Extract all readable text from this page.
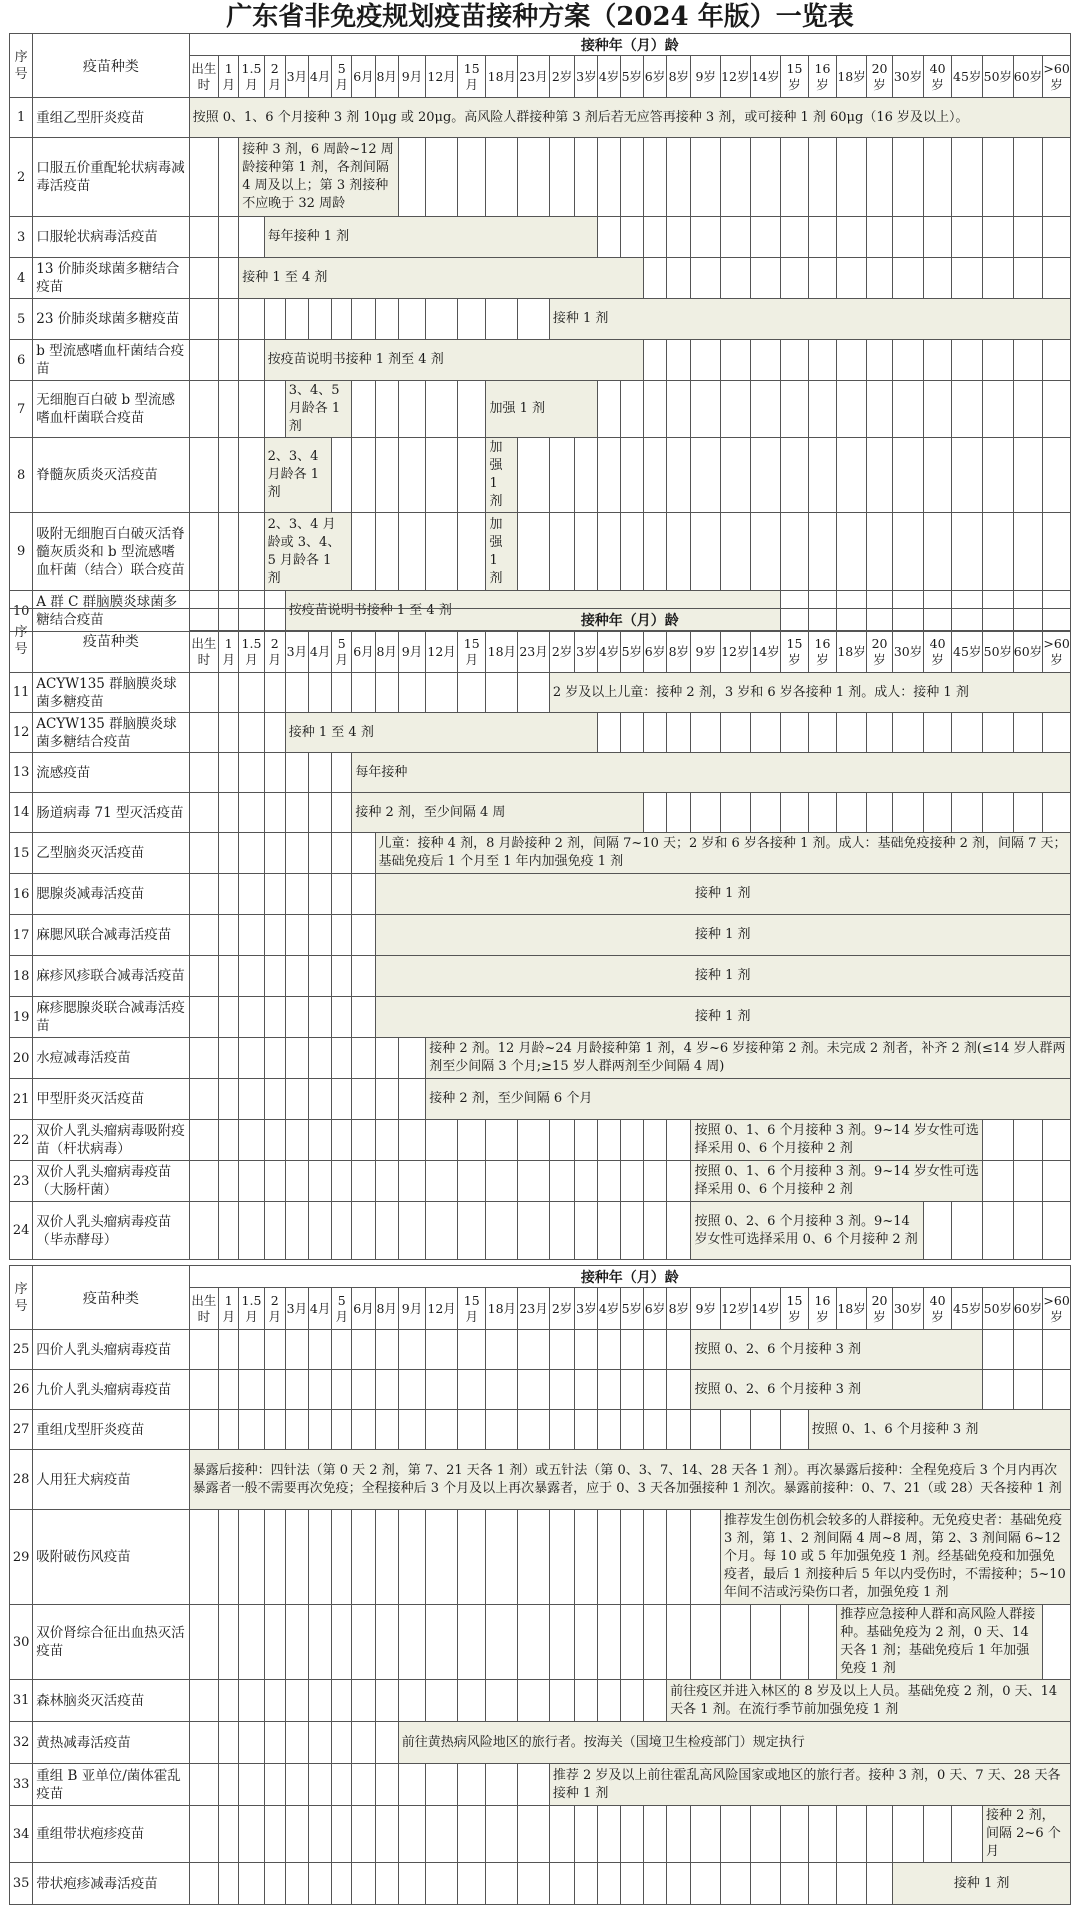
广东省非免疫规划疫苗接种方案（2024 年版）一览表
序号	疫苗种类	接种年（月）龄																																
		出生时	1月	1.5月	2月	3月	4月	5月	6月	8月	9月	12月	15月	18月	23月	2岁	3岁	4岁	5岁	6岁	8岁	9岁	12岁	14岁	15岁	16岁	18岁	20岁	30岁	40岁	45岁	50岁	60岁	>60岁
1	重组乙型肝炎疫苗	按照 0、1、6 个月接种 3 剂 10μg 或 20μg。高风险人群接种第 3 剂后若无应答再接种 3 剂，或可接种 1 剂 60μg（16 岁及以上）。																																
2	口服五价重配轮状病毒减毒活疫苗			接种 3 剂，6 周龄~12 周龄接种第 1 剂，各剂间隔 4 周及以上；第 3 剂接种不应晚于 32 周龄																														
3	口服轮状病毒活疫苗				每年接种 1 剂																													
4	13 价肺炎球菌多糖结合疫苗			接种 1 至 4 剂																														
5	23 价肺炎球菌多糖疫苗															接种 1 剂																		
6	b 型流感嗜血杆菌结合疫苗				按疫苗说明书接种 1 剂至 4 剂																													
7	无细胞百白破 b 型流感嗜血杆菌联合疫苗					3、4、5 月龄各 1 剂								加强 1 剂																				
8	脊髓灰质炎灭活疫苗				2、3、4 月龄各 1 剂									加强 1 剂																				
9	吸附无细胞百白破灭活脊髓灰质炎和 b 型流感嗜血杆菌（结合）联合疫苗				2、3、4 月龄或 3、4、5 月龄各 1 剂									加强 1 剂																				
10	A 群 C 群脑膜炎球菌多糖结合疫苗					按疫苗说明书接种 1 至 4 剂																												
序号	疫苗种类	接种年（月）龄																																
		出生时	1月	1.5月	2月	3月	4月	5月	6月	8月	9月	12月	15月	18月	23月	2岁	3岁	4岁	5岁	6岁	8岁	9岁	12岁	14岁	15岁	16岁	18岁	20岁	30岁	40岁	45岁	50岁	60岁	>60岁
11	ACYW135 群脑膜炎球菌多糖疫苗															2 岁及以上儿童：接种 2 剂，3 岁和 6 岁各接种 1 剂。成人：接种 1 剂																		
12	ACYW135 群脑膜炎球菌多糖结合疫苗					接种 1 至 4 剂																												
13	流感疫苗								每年接种																									
14	肠道病毒 71 型灭活疫苗								接种 2 剂，至少间隔 4 周																									
15	乙型脑炎灭活疫苗									儿童：接种 4 剂，8 月龄接种 2 剂，间隔 7~10 天；2 岁和 6 岁各接种 1 剂。成人：基础免疫接种 2 剂，间隔 7 天；基础免疫后 1 个月至 1 年内加强免疫 1 剂																								
16	腮腺炎减毒活疫苗									接种 1 剂																								
17	麻腮风联合减毒活疫苗									接种 1 剂																								
18	麻疹风疹联合减毒活疫苗									接种 1 剂																								
19	麻疹腮腺炎联合减毒活疫苗									接种 1 剂																								
20	水痘减毒活疫苗											接种 2 剂。12 月龄~24 月龄接种第 1 剂，4 岁~6 岁接种第 2 剂。未完成 2 剂者，补齐 2 剂(≤14 岁人群两剂至少间隔 3 个月;≥15 岁人群两剂至少间隔 4 周)																						
21	甲型肝炎灭活疫苗											接种 2 剂，至少间隔 6 个月																						
22	双价人乳头瘤病毒吸附疫苗（杆状病毒）																					按照 0、1、6 个月接种 3 剂。9~14 岁女性可选择采用 0、6 个月接种 2 剂												
23	双价人乳头瘤病毒疫苗（大肠杆菌）																					按照 0、1、6 个月接种 3 剂。9~14 岁女性可选择采用 0、6 个月接种 2 剂												
24	双价人乳头瘤病毒疫苗（毕赤酵母）																					按照 0、2、6 个月接种 3 剂。9~14 岁女性可选择采用 0、6 个月接种 2 剂												
序号	疫苗种类	接种年（月）龄																																
		出生时	1月	1.5月	2月	3月	4月	5月	6月	8月	9月	12月	15月	18月	23月	2岁	3岁	4岁	5岁	6岁	8岁	9岁	12岁	14岁	15岁	16岁	18岁	20岁	30岁	40岁	45岁	50岁	60岁	>60岁
25	四价人乳头瘤病毒疫苗																					按照 0、2、6 个月接种 3 剂												
26	九价人乳头瘤病毒疫苗																					按照 0、2、6 个月接种 3 剂												
27	重组戊型肝炎疫苗																									按照 0、1、6 个月接种 3 剂								
28	人用狂犬病疫苗	暴露后接种：四针法（第 0 天 2 剂，第 7、21 天各 1 剂）或五针法（第 0、3、7、14、28 天各 1 剂）。再次暴露后接种：全程免疫后 3 个月内再次暴露者一般不需要再次免疫；全程接种后 3 个月及以上再次暴露者，应于 0、3 天各加强接种 1 剂次。暴露前接种：0、7、21（或 28）天各接种 1 剂																																
29	吸附破伤风疫苗																						推荐发生创伤机会较多的人群接种。无免疫史者：基础免疫 3 剂，第 1、2 剂间隔 4 周~8 周，第 2、3 剂间隔 6~12 个月。每 10 或 5 年加强免疫 1 剂。经基础免疫和加强免疫者，最后 1 剂接种后 5 年以内受伤时，不需接种；5~10 年间不洁或污染伤口者，加强免疫 1 剂											
30	双价肾综合征出血热灭活疫苗																										推荐应急接种人群和高风险人群接种。基础免疫为 2 剂，0 天、14 天各 1 剂；基础免疫后 1 年加强免疫 1 剂							
31	森林脑炎灭活疫苗																				前往疫区并进入林区的 8 岁及以上人员。基础免疫 2 剂，0 天、14 天各 1 剂。在流行季节前加强免疫 1 剂													
32	黄热减毒活疫苗										前往黄热病风险地区的旅行者。按海关（国境卫生检疫部门）规定执行																							
33	重组 B 亚单位/菌体霍乱疫苗															推荐 2 岁及以上前往霍乱高风险国家或地区的旅行者。接种 3 剂，0 天、7 天、28 天各接种 1 剂																		
34	重组带状疱疹疫苗																															接种 2 剂，间隔 2~6 个月		
35	带状疱疹减毒活疫苗																												接种 1 剂					
